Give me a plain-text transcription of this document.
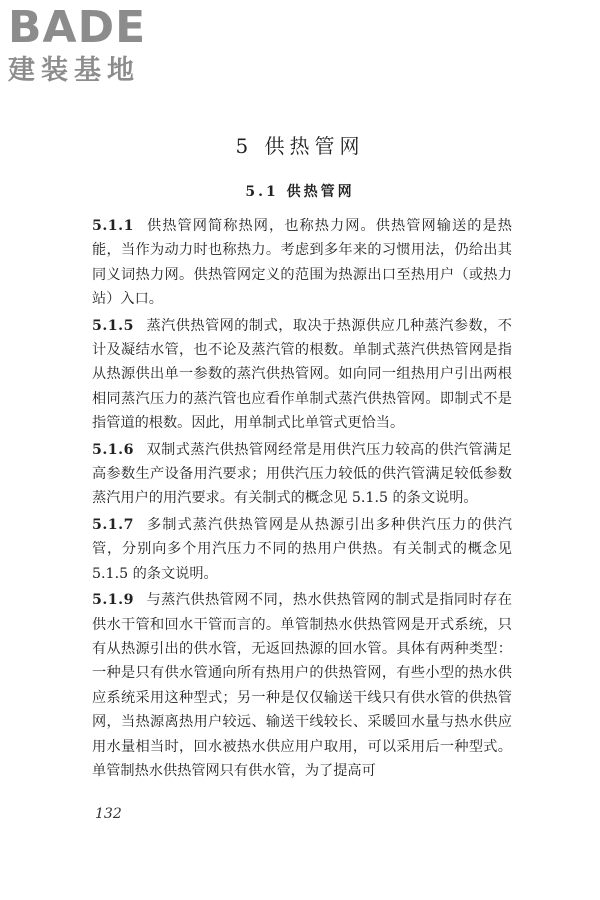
BADE
建装基地
5 供热管网
5.1 供热管网

5.1.1 供热管网简称热网，也称热力网。供热管网输送的是热能，当作为动力时也称热力。考虑到多年来的习惯用法，仍给出其同义词热力网。供热管网定义的范围为热源出口至热用户（或热力站）入口。

5.1.5 蒸汽供热管网的制式，取决于热源供应几种蒸汽参数，不计及凝结水管，也不论及蒸汽管的根数。单制式蒸汽供热管网是指从热源供出单一参数的蒸汽供热管网。如向同一组热用户引出两根相同蒸汽压力的蒸汽管也应看作单制式蒸汽供热管网。即制式不是指管道的根数。因此，用单制式比单管式更恰当。

5.1.6 双制式蒸汽供热管网经常是用供汽压力较高的供汽管满足高参数生产设备用汽要求；用供汽压力较低的供汽管满足较低参数蒸汽用户的用汽要求。有关制式的概念见 5.1.5 的条文说明。

5.1.7 多制式蒸汽供热管网是从热源引出多种供汽压力的供汽管，分别向多个用汽压力不同的热用户供热。有关制式的概念见 5.1.5 的条文说明。

5.1.9 与蒸汽供热管网不同，热水供热管网的制式是指同时存在供水干管和回水干管而言的。单管制热水供热管网是开式系统，只有从热源引出的供水管，无返回热源的回水管。具体有两种类型：一种是只有供水管通向所有热用户的供热管网，有些小型的热水供应系统采用这种型式；另一种是仅仅输送干线只有供水管的供热管网，当热源离热用户较远、输送干线较长、采暖回水量与热水供应用水量相当时，回水被热水供应用户取用，可以采用后一种型式。单管制热水供热管网只有供水管，为了提高可

132
